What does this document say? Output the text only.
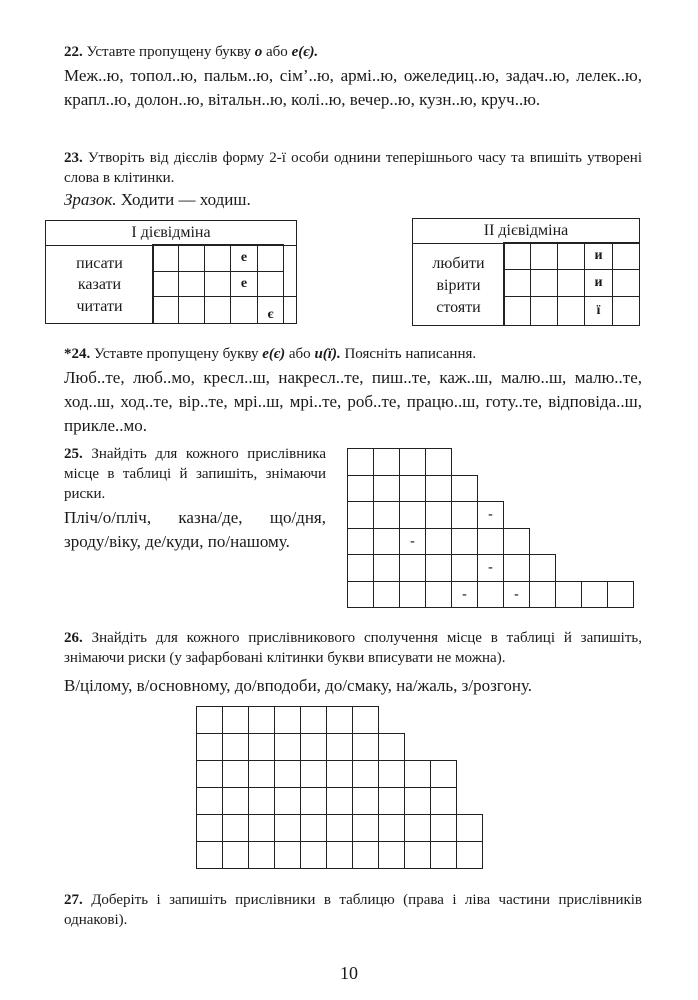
22. Уставте пропущену букву о або е(є).
Меж..ю, топол..ю, пальм..ю, сім’..ю, армі..ю, ожеледиц..ю, задач..ю, лелек..ю, крапл..ю, долон..ю, вітальн..ю, колі..ю, вечер..ю, кузн..ю, круч..ю.
23. Утворіть від дієслів форму 2-ї особи однини теперішнього часу та впишіть утворені слова в клітинки.
Зразок. Ходити — ходиш.
І дієвідміна
писати
казати
читати
е
е
є
ІІ дієвідміна
любити
вірити
стояти
и
и
ї
*24. Уставте пропущену букву е(є) або и(ї). Поясніть написання.
Люб..те, люб..мо, кресл..ш, накресл..те, пиш..те, каж..ш, малю..ш, малю..те, ход..ш, ход..те, вір..те, мрі..ш, мрі..те, роб..те, працю..ш, готу..те, відповіда..ш, прикле..мо.
25. Знайдіть для кожного прислівника місце в таблиці й запишіть, знімаючи риски.
Пліч/о/пліч, казна/де, що/дня, зроду/віку, де/куди, по/нашому.
-
-
-
-	-
26. Знайдіть для кожного прислівникового сполучення місце в таблиці й запишіть, знімаючи риски (у зафарбовані клітинки букви вписувати не можна).
В/цілому, в/основному, до/вподоби, до/смаку, на/жаль, з/розгону.
27. Доберіть і запишіть прислівники в таблицю (права і ліва частини прислівників однакові).
10
